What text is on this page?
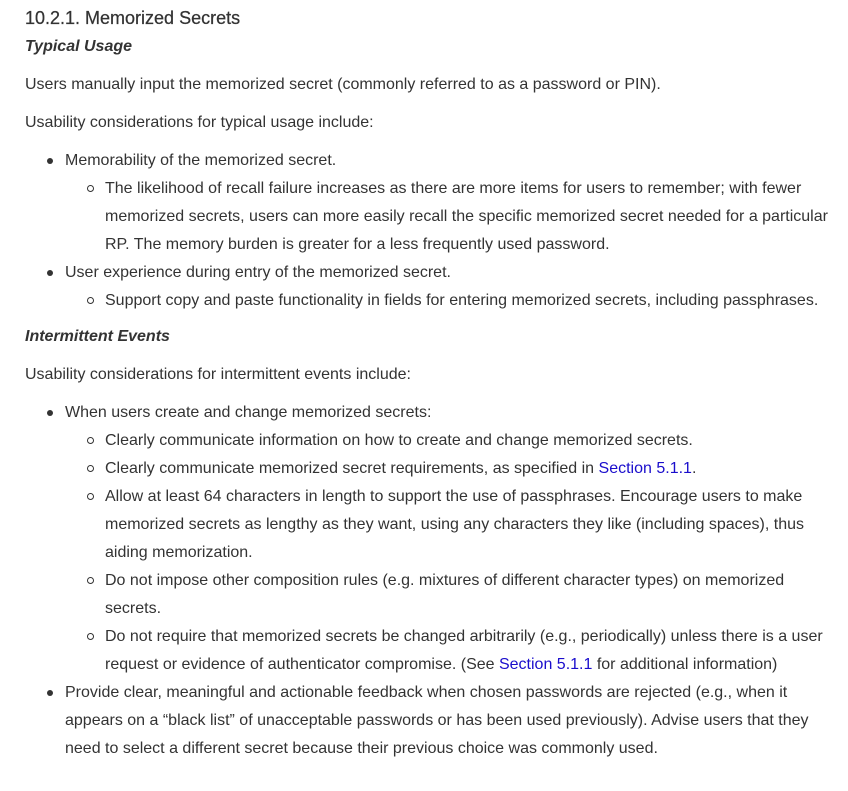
10.2.1. Memorized Secrets
Typical Usage

Users manually input the memorized secret (commonly referred to as a password or PIN).

Usability considerations for typical usage include:

Memorability of the memorized secret.
The likelihood of recall failure increases as there are more items for users to remember; with fewer memorized secrets, users can more easily recall the specific memorized secret needed for a particular RP. The memory burden is greater for a less frequently used password.
User experience during entry of the memorized secret.
Support copy and paste functionality in fields for entering memorized secrets, including passphrases.
Intermittent Events

Usability considerations for intermittent events include:

When users create and change memorized secrets:
Clearly communicate information on how to create and change memorized secrets.
Clearly communicate memorized secret requirements, as specified in Section 5.1.1.
Allow at least 64 characters in length to support the use of passphrases. Encourage users to make memorized secrets as lengthy as they want, using any characters they like (including spaces), thus aiding memorization.
Do not impose other composition rules (e.g. mixtures of different character types) on memorized secrets.
Do not require that memorized secrets be changed arbitrarily (e.g., periodically) unless there is a user request or evidence of authenticator compromise. (See Section 5.1.1 for additional information)
Provide clear, meaningful and actionable feedback when chosen passwords are rejected (e.g., when it appears on a “black list” of unacceptable passwords or has been used previously). Advise users that they need to select a different secret because their previous choice was commonly used.
